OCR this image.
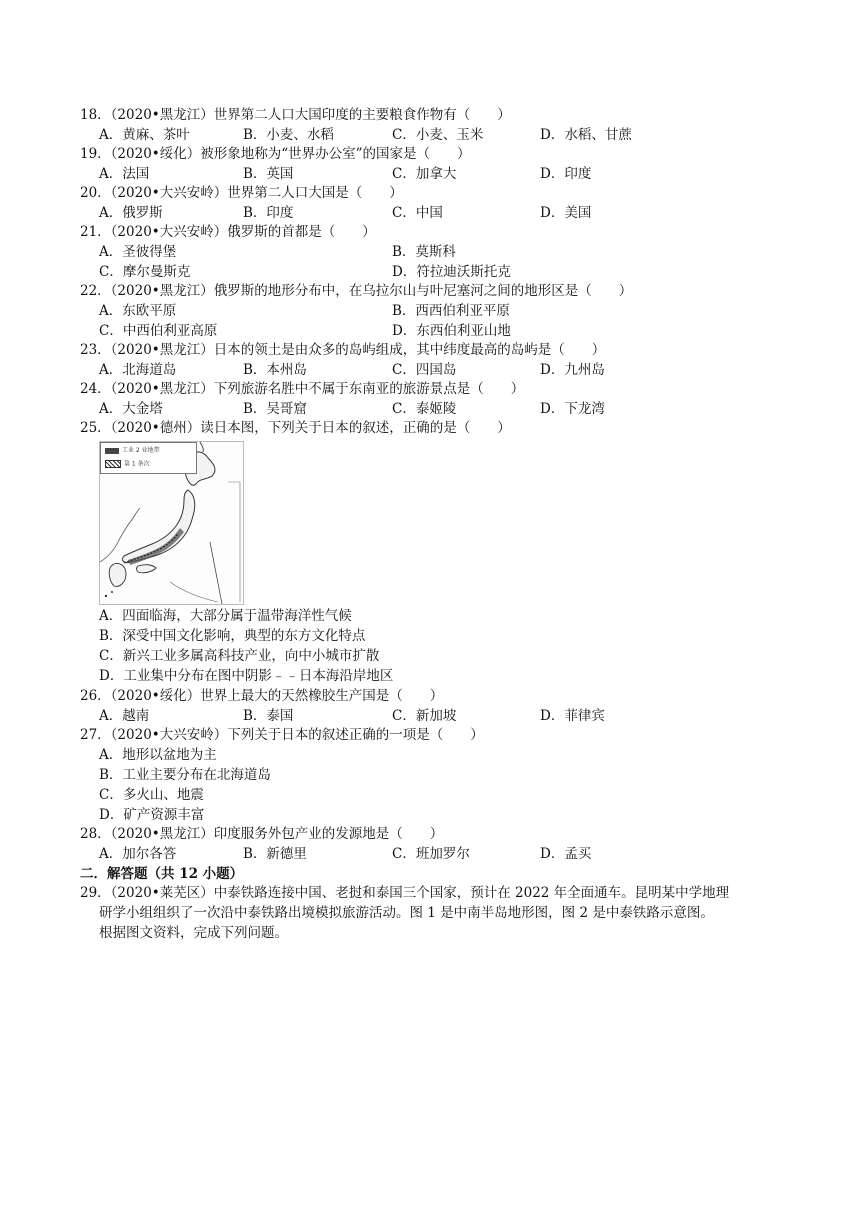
18．（2020•黑龙江）世界第二人口大国印度的主要粮食作物有（　　）
A．黄麻、茶叶	B．小麦、水稻	C．小麦、玉米	D．水稻、甘蔗
19．（2020•绥化）被形象地称为“世界办公室”的国家是（　　）
A．法国	B．英国	C．加拿大	D．印度
20．（2020•大兴安岭）世界第二人口大国是（　　）
A．俄罗斯	B．印度	C．中国	D．美国
21．（2020•大兴安岭）俄罗斯的首都是（　　）
A．圣彼得堡	B．莫斯科
C．摩尔曼斯克	D．符拉迪沃斯托克
22．（2020•黑龙江）俄罗斯的地形分布中，在乌拉尔山与叶尼塞河之间的地形区是（　　）
A．东欧平原	B．西西伯利亚平原
C．中西伯利亚高原	D．东西伯利亚山地
23．（2020•黑龙江）日本的领土是由众多的岛屿组成，其中纬度最高的岛屿是（　　）
A．北海道岛	B．本州岛	C．四国岛	D．九州岛
24．（2020•黑龙江）下列旅游名胜中不属于东南亚的旅游景点是（　　）
A．大金塔	B．吴哥窟	C．泰姬陵	D．下龙湾
25．（2020•德州）读日本图，下列关于日本的叙述，正确的是（　　）
工业 2 业地带
第 1 条次
A．四面临海，大部分属于温带海洋性气候
B．深受中国文化影响，典型的东方文化特点
C．新兴工业多属高科技产业，向中小城市扩散
D．工业集中分布在图中阴影﹣﹣日本海沿岸地区
26．（2020•绥化）世界上最大的天然橡胶生产国是（　　）
A．越南	B．泰国	C．新加坡	D．菲律宾
27．（2020•大兴安岭）下列关于日本的叙述正确的一项是（　　）
A．地形以盆地为主
B．工业主要分布在北海道岛
C．多火山、地震
D．矿产资源丰富
28．（2020•黑龙江）印度服务外包产业的发源地是（　　）
A．加尔各答	B．新德里	C．班加罗尔	D．孟买
二．解答题（共 12 小题）
29．（2020•莱芜区）中泰铁路连接中国、老挝和泰国三个国家，预计在 2022 年全面通车。昆明某中学地理
研学小组组织了一次沿中泰铁路出境模拟旅游活动。图 1 是中南半岛地形图，图 2 是中泰铁路示意图。
根据图文资料，完成下列问题。
